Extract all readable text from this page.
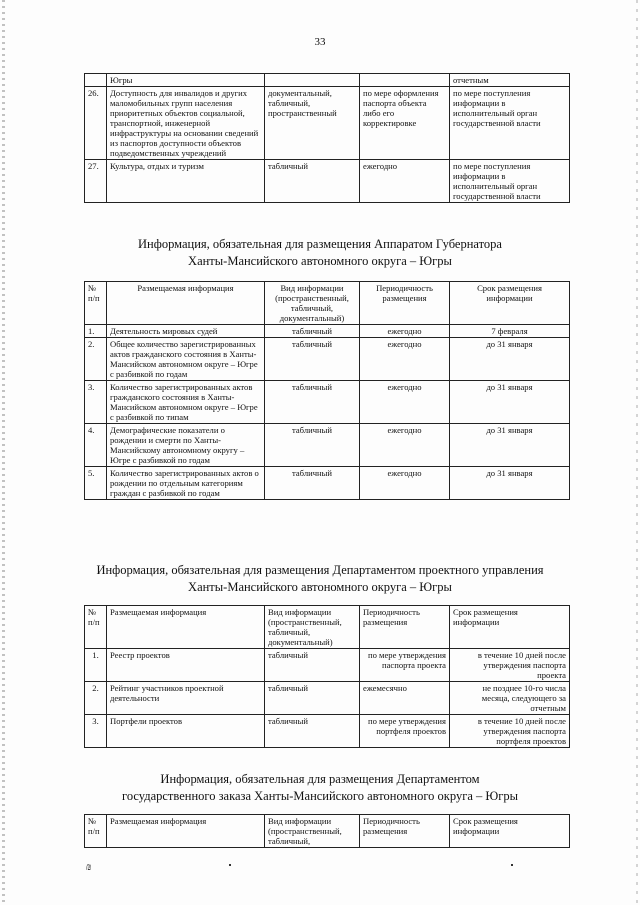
33
	Югры			отчетным
26.	Доступность для инвалидов и других маломобильных групп населения приоритетных объектов социальной, транспортной, инженерной инфраструктуры на основании сведений из паспортов доступности объектов подведомственных учреждений	документальный, табличный, пространственный	по мере оформления паспорта объекта либо его корректировке	по мере поступления информации в исполнительный орган государственной власти
27.	Культура, отдых и туризм	табличный	ежегодно	по мере поступления информации в исполнительный орган государственной власти
Информация, обязательная для размещения Аппаратом Губернатора
Ханты-Мансийского автономного округа – Югры
№ п/п	Размещаемая информация	Вид информации (пространственный, табличный, документальный)	Периодичность размещения	Срок размещения информации
1.	Деятельность мировых судей	табличный	ежегодно	7 февраля
2.	Общее количество зарегистрированных актов гражданского состояния в Ханты-Мансийском автономном округе – Югре с разбивкой по годам	табличный	ежегодно	до 31 января
3.	Количество зарегистрированных актов гражданского состояния в Ханты-Мансийском автономном округе – Югре с разбивкой по типам	табличный	ежегодно	до 31 января
4.	Демографические показатели о рождении и смерти по Ханты-Мансийскому автономному округу – Югре с разбивкой по годам	табличный	ежегодно	до 31 января
5.	Количество зарегистрированных актов о рождении по отдельным категориям граждан с разбивкой по годам	табличный	ежегодно	до 31 января
Информация, обязательная для размещения Департаментом проектного управления
Ханты-Мансийского автономного округа – Югры
№ п/п	Размещаемая информация	Вид информации (пространственный, табличный, документальный)	Периодичность размещения	Срок размещения информации
1.	Реестр проектов	табличный	по мере утверждения паспорта проекта	в течение 10 дней после утверждения паспорта проекта
2.	Рейтинг участников проектной деятельности	табличный	ежемесячно	не позднее 10-го числа месяца, следующего за отчетным
3.	Портфели проектов	табличный	по мере утверждения портфеля проектов	в течение 10 дней после утверждения паспорта портфеля проектов
Информация, обязательная для размещения Департаментом
государственного заказа Ханты-Мансийского автономного округа – Югры
№ п/п	Размещаемая информация	Вид информации (пространственный, табличный,	Периодичность размещения	Срок размещения информации
₪
